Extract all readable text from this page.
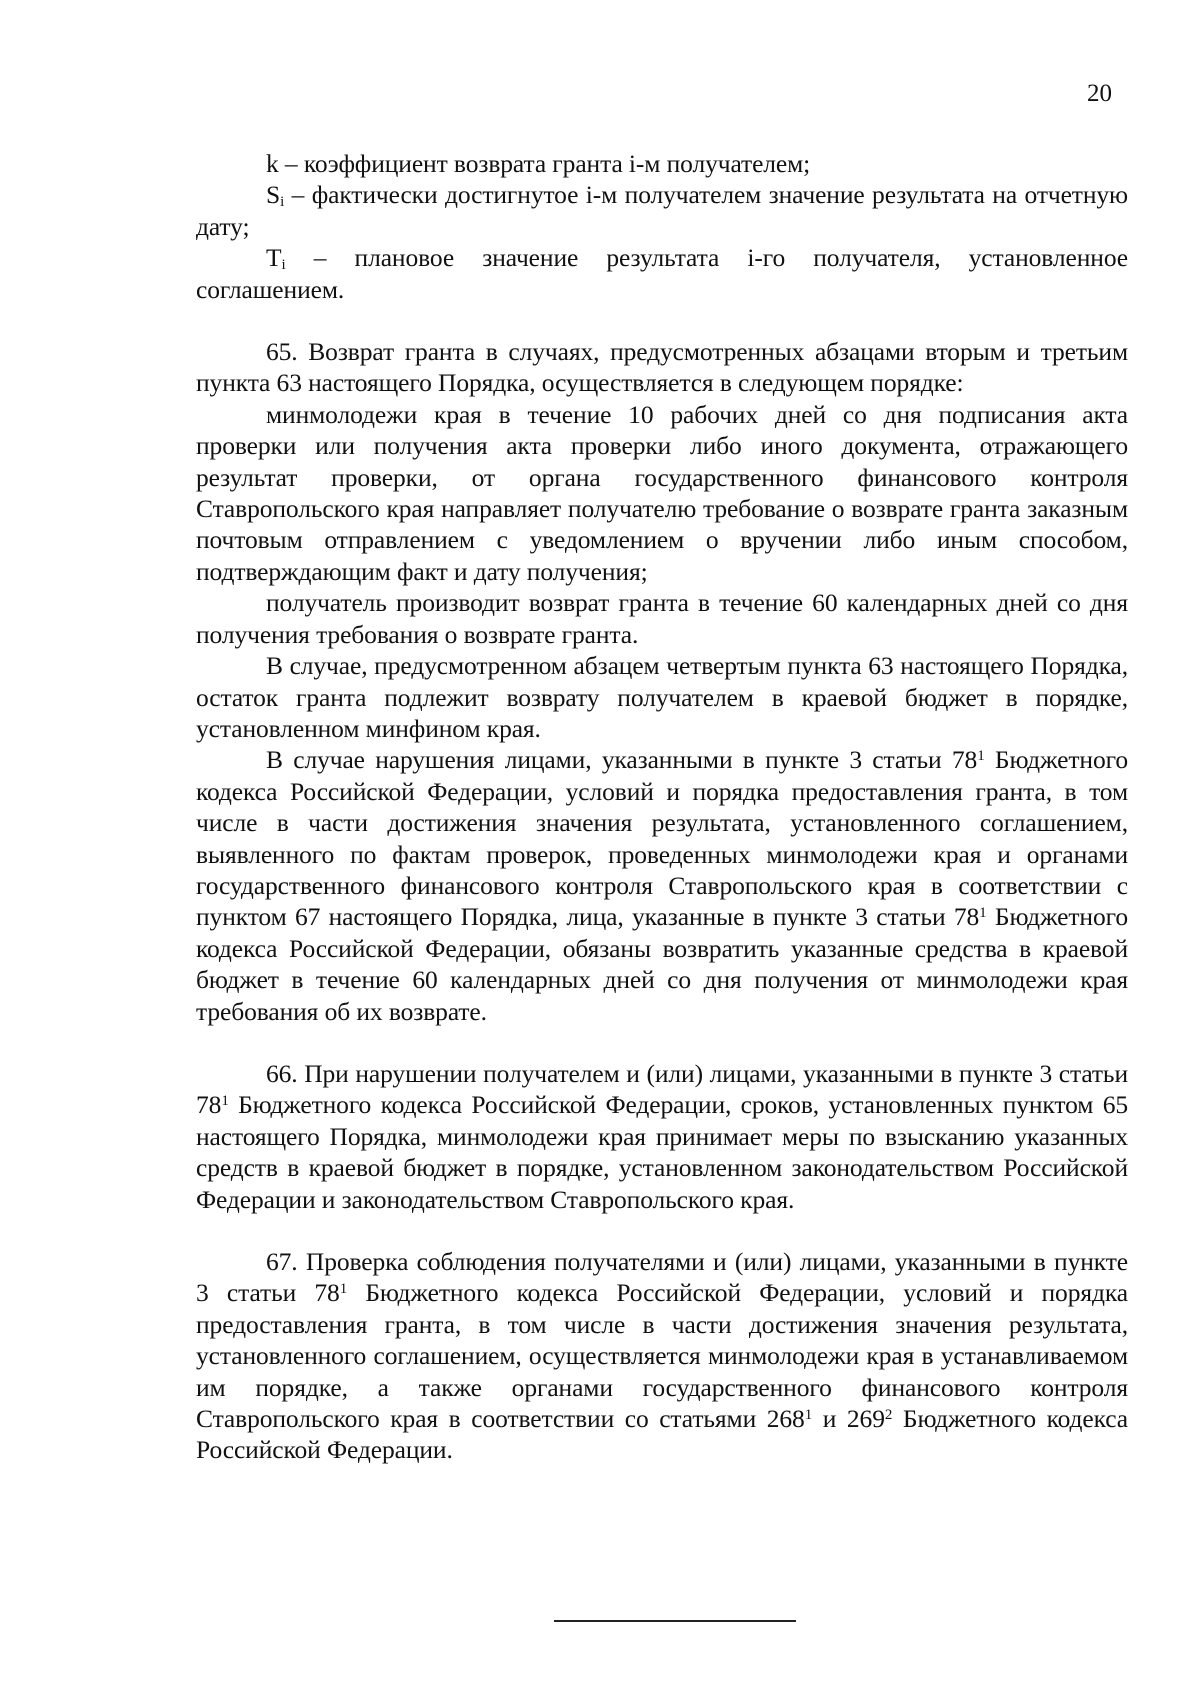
20

k – коэффициент возврата гранта i-м получателем;

$S_i$ – фактически достигнутое i-м получателем значение результата на отчетную дату;

$T_i$ – плановое значение результата i-го получателя, установленное соглашением.

65. Возврат гранта в случаях, предусмотренных абзацами вторым и третьим пункта 63 настоящего Порядка, осуществляется в следующем порядке:

минмолодежи края в течение 10 рабочих дней со дня подписания акта проверки или получения акта проверки либо иного документа, отражающего результат проверки, от органа государственного финансового контроля Ставропольского края направляет получателю требование о возврате гранта заказным почтовым отправлением с уведомлением о вручении либо иным способом, подтверждающим факт и дату получения;

получатель производит возврат гранта в течение 60 календарных дней со дня получения требования о возврате гранта.

В случае, предусмотренном абзацем четвертым пункта 63 настоящего Порядка, остаток гранта подлежит возврату получателем в краевой бюджет в порядке, установленном минфином края.

В случае нарушения лицами, указанными в пункте 3 статьи $78^1$ Бюджетного кодекса Российской Федерации, условий и порядка предоставления гранта, в том числе в части достижения значения результата, установленного соглашением, выявленного по фактам проверок, проведенных минмолодежи края и органами государственного финансового контроля Ставропольского края в соответствии с пунктом 67 настоящего Порядка, лица, указанные в пункте 3 статьи $78^1$ Бюджетного кодекса Российской Федерации, обязаны возвратить указанные средства в краевой бюджет в течение 60 календарных дней со дня получения от минмолодежи края требования об их возврате.

66. При нарушении получателем и (или) лицами, указанными в пункте 3 статьи $78^1$ Бюджетного кодекса Российской Федерации, сроков, установленных пунктом 65 настоящего Порядка, минмолодежи края принимает меры по взысканию указанных средств в краевой бюджет в порядке, установленном законодательством Российской Федерации и законодательством Ставропольского края.

67. Проверка соблюдения получателями и (или) лицами, указанными в пункте 3 статьи $78^1$ Бюджетного кодекса Российской Федерации, условий и порядка предоставления гранта, в том числе в части достижения значения результата, установленного соглашением, осуществляется минмолодежи края в устанавливаемом им порядке, а также органами государственного финансового контроля Ставропольского края в соответствии со статьями $268^1$ и $269^2$ Бюджетного кодекса Российской Федерации.
